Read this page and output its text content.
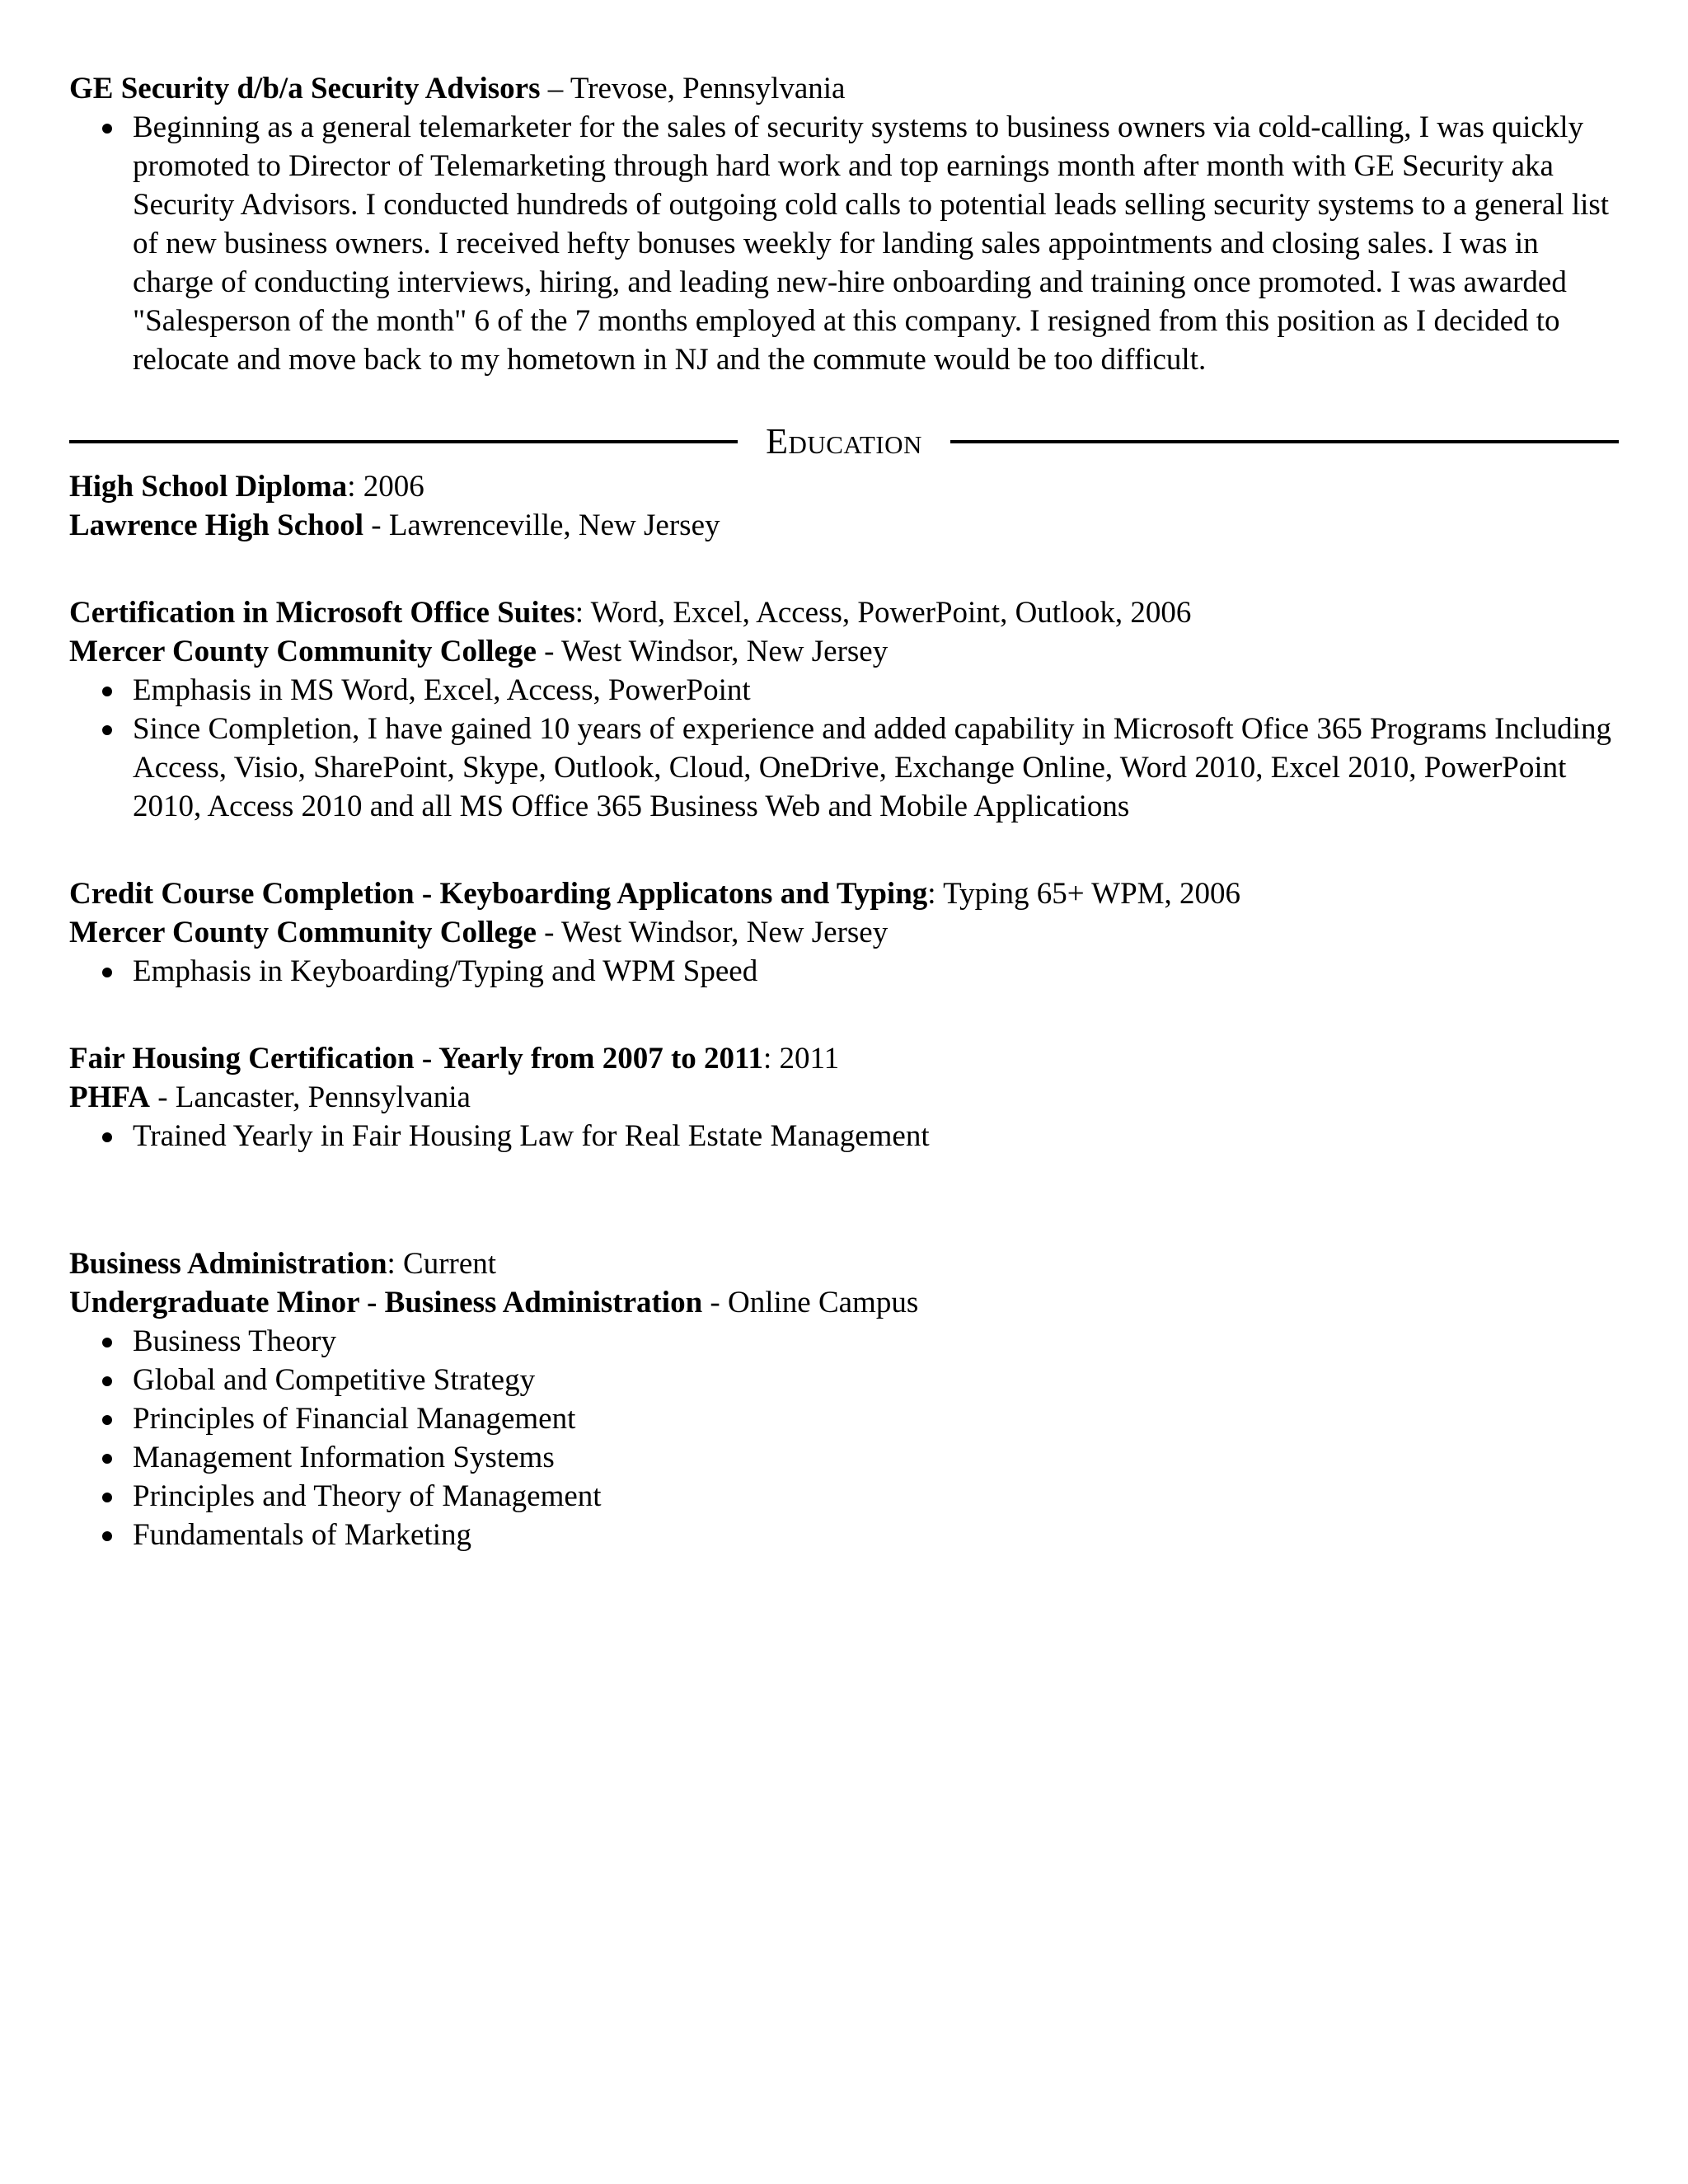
GE Security d/b/a Security Advisors – Trevose, Pennsylvania
Beginning as a general telemarketer for the sales of security systems to business owners via cold-calling, I was quickly promoted to Director of Telemarketing through hard work and top earnings month after month with GE Security aka Security Advisors. I conducted hundreds of outgoing cold calls to potential leads selling security systems to a general list of new business owners. I received hefty bonuses weekly for landing sales appointments and closing sales. I was in charge of conducting interviews, hiring, and leading new-hire onboarding and training once promoted. I was awarded "Salesperson of the month" 6 of the 7 months employed at this company. I resigned from this position as I decided to relocate and move back to my hometown in NJ and the commute would be too difficult.
Education
High School Diploma: 2006
Lawrence High School - Lawrenceville, New Jersey
Certification in Microsoft Office Suites: Word, Excel, Access, PowerPoint, Outlook, 2006
Mercer County Community College - West Windsor, New Jersey
Emphasis in MS Word, Excel, Access, PowerPoint
Since Completion, I have gained 10 years of experience and added capability in Microsoft Ofice 365 Programs Including Access, Visio, SharePoint, Skype, Outlook, Cloud, OneDrive, Exchange Online, Word 2010, Excel 2010, PowerPoint 2010, Access 2010 and all MS Office 365 Business Web and Mobile Applications
Credit Course Completion - Keyboarding Applicatons and Typing: Typing 65+ WPM, 2006
Mercer County Community College - West Windsor, New Jersey
Emphasis in Keyboarding/Typing and WPM Speed
Fair Housing Certification - Yearly from 2007 to 2011: 2011
PHFA - Lancaster, Pennsylvania
Trained Yearly in Fair Housing Law for Real Estate Management
Business Administration: Current
Undergraduate Minor - Business Administration - Online Campus
Business Theory
Global and Competitive Strategy
Principles of Financial Management
Management Information Systems
Principles and Theory of Management
Fundamentals of Marketing
